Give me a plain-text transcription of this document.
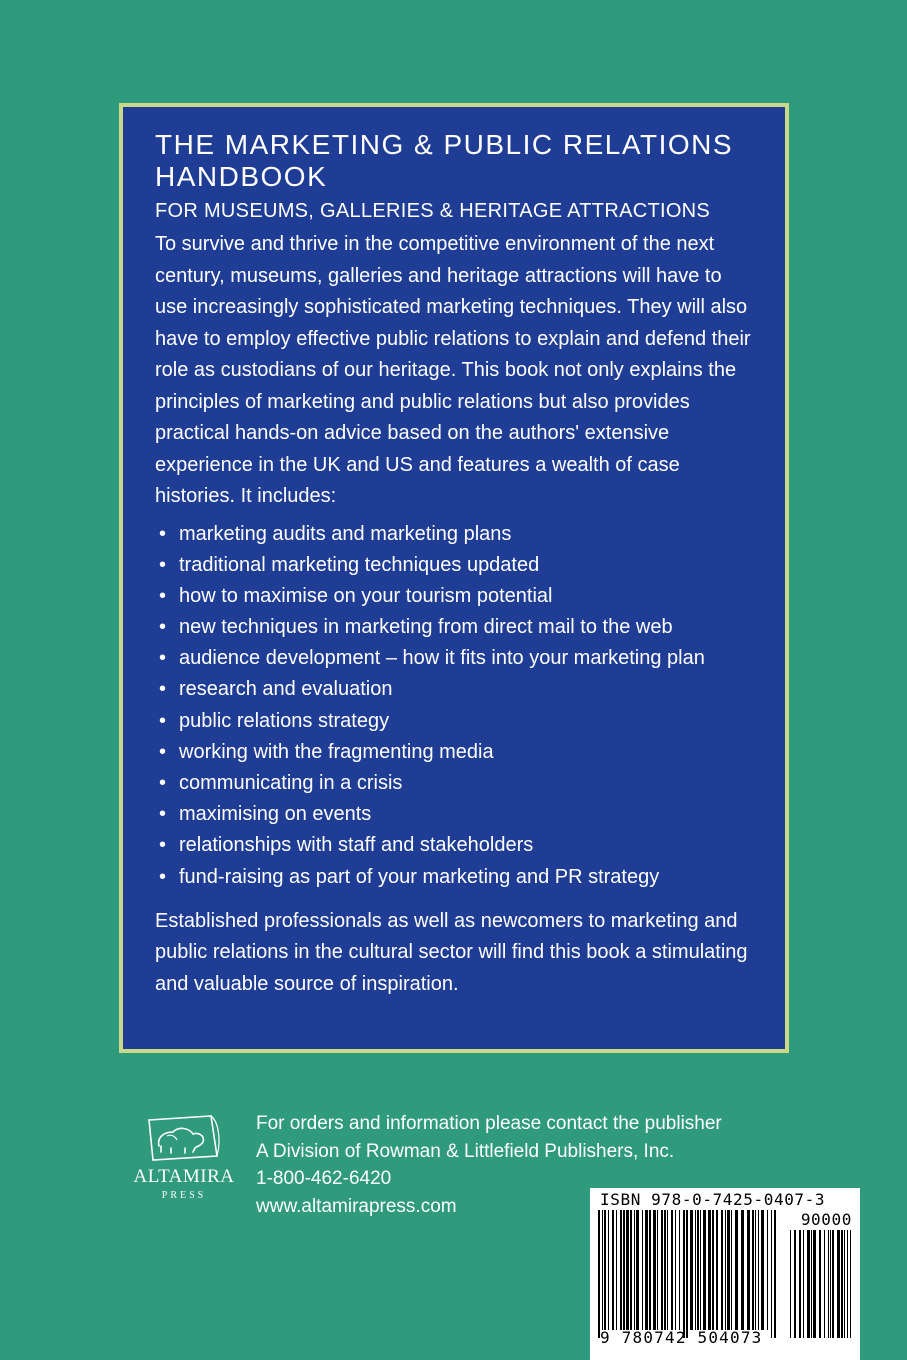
THE MARKETING & PUBLIC RELATIONS HANDBOOK
FOR MUSEUMS, GALLERIES & HERITAGE ATTRACTIONS

To survive and thrive in the competitive environment of the next century, museums, galleries and heritage attractions will have to use increasingly sophisticated marketing techniques. They will also have to employ effective public relations to explain and defend their role as custodians of our heritage. This book not only explains the principles of marketing and public relations but also provides practical hands-on advice based on the authors' extensive experience in the UK and US and features a wealth of case histories. It includes:

• marketing audits and marketing plans
• traditional marketing techniques updated
• how to maximise on your tourism potential
• new techniques in marketing from direct mail to the web
• audience development – how it fits into your marketing plan
• research and evaluation
• public relations strategy
• working with the fragmenting media
• communicating in a crisis
• maximising on events
• relationships with staff and stakeholders
• fund-raising as part of your marketing and PR strategy

Established professionals as well as newcomers to marketing and public relations in the cultural sector will find this book a stimulating and valuable source of inspiration.

ALTAMIRA
PRESS
For orders and information please contact the publisher
A Division of Rowman & Littlefield Publishers, Inc.
1-800-462-6420
www.altamirapress.com	ISBN 978-0-7425-0407-3
90000
9 780742 504073
